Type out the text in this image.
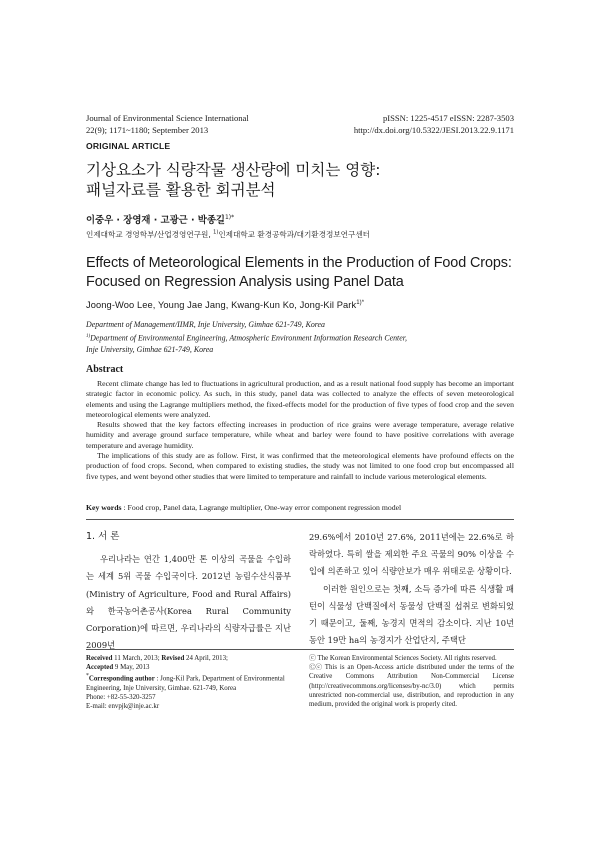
Journal of Environmental Science International
22(9); 1171~1180; September 2013
pISSN: 1225-4517 eISSN: 2287-3503
http://dx.doi.org/10.5322/JESI.2013.22.9.1171
ORIGINAL ARTICLE
기상요소가 식량작물 생산량에 미치는 영향:
패널자료를 활용한 회귀분석
이중우 · 장영재 · 고광근 · 박종길$^{1)*}$
인제대학교 경영학부/산업경영연구원, $^{1)}$인제대학교 환경공학과/대기환경정보연구센터
Effects of Meteorological Elements in the Production of Food Crops:
Focused on Regression Analysis using Panel Data
Joong-Woo Lee, Young Jae Jang, Kwang-Kun Ko, Jong-Kil Park$^{1)*}$
Department of Management/IIMR, Inje University, Gimhae 621-749, Korea
$^{1)}$Department of Environmental Engineering, Atmospheric Environment Information Research Center,
Inje University, Gimhae 621-749, Korea
Abstract

Recent climate change has led to fluctuations in agricultural production, and as a result national food supply has become an important strategic factor in economic policy. As such, in this study, panel data was collected to analyze the effects of seven meteorological elements and using the Lagrange multipliers method, the fixed-effects model for the production of five types of food crop and the seven meteorological elements were analyzed.

Results showed that the key factors effecting increases in production of rice grains were average temperature, average relative humidity and average ground surface temperature, while wheat and barley were found to have positive correlations with average temperature and average humidity.

The implications of this study are as follow. First, it was confirmed that the meteorological elements have profound effects on the production of food crops. Second, when compared to existing studies, the study was not limited to one food crop but encompassed all five types, and went beyond other studies that were limited to temperature and rainfall to include various meterological elements.

Key words : Food crop, Panel data, Lagrange multiplier, One-way error component regression model
1. 서 론

우리나라는 연간 1,400만 톤 이상의 곡물을 수입하는 세계 5위 곡물 수입국이다. 2012년 농림수산식품부(Ministry of Agriculture, Food and Rural Affairs)와 한국농어촌공사(Korea Rural Community Corporation)에 따르면, 우리나라의 식량자급률은 지난 2009년

29.6%에서 2010년 27.6%, 2011년에는 22.6%로 하락하였다. 특히 쌀을 제외한 주요 곡물의 90% 이상을 수입에 의존하고 있어 식량안보가 매우 위태로운 상황이다.

이러한 원인으로는 첫째, 소득 증가에 따른 식생활 패턴이 식물성 단백질에서 동물성 단백질 섭취로 변화되었기 때문이고, 둘째, 농경지 면적의 감소이다. 지난 10년 동안 19만 ha의 농경지가 산업단지, 주택단

Received 11 March, 2013; Revised 24 April, 2013;

Accepted 9 May, 2013

*Corresponding author : Jong-Kil Park, Department of Environmental Engineering, Inje University, Gimhae. 621-749, Korea

Phone: +82-55-320-3257

E-mail: envpjk@inje.ac.kr

ⓒ The Korean Environmental Sciences Society. All rights reserved.

Ⓒⓒ This is an Open-Access article distributed under the terms of the Creative Commons Attribution Non-Commercial License (http://creativecommons.org/licenses/by-nc/3.0) which permits unrestricted non-commercial use, distribution, and reproduction in any medium, provided the original work is properly cited.
